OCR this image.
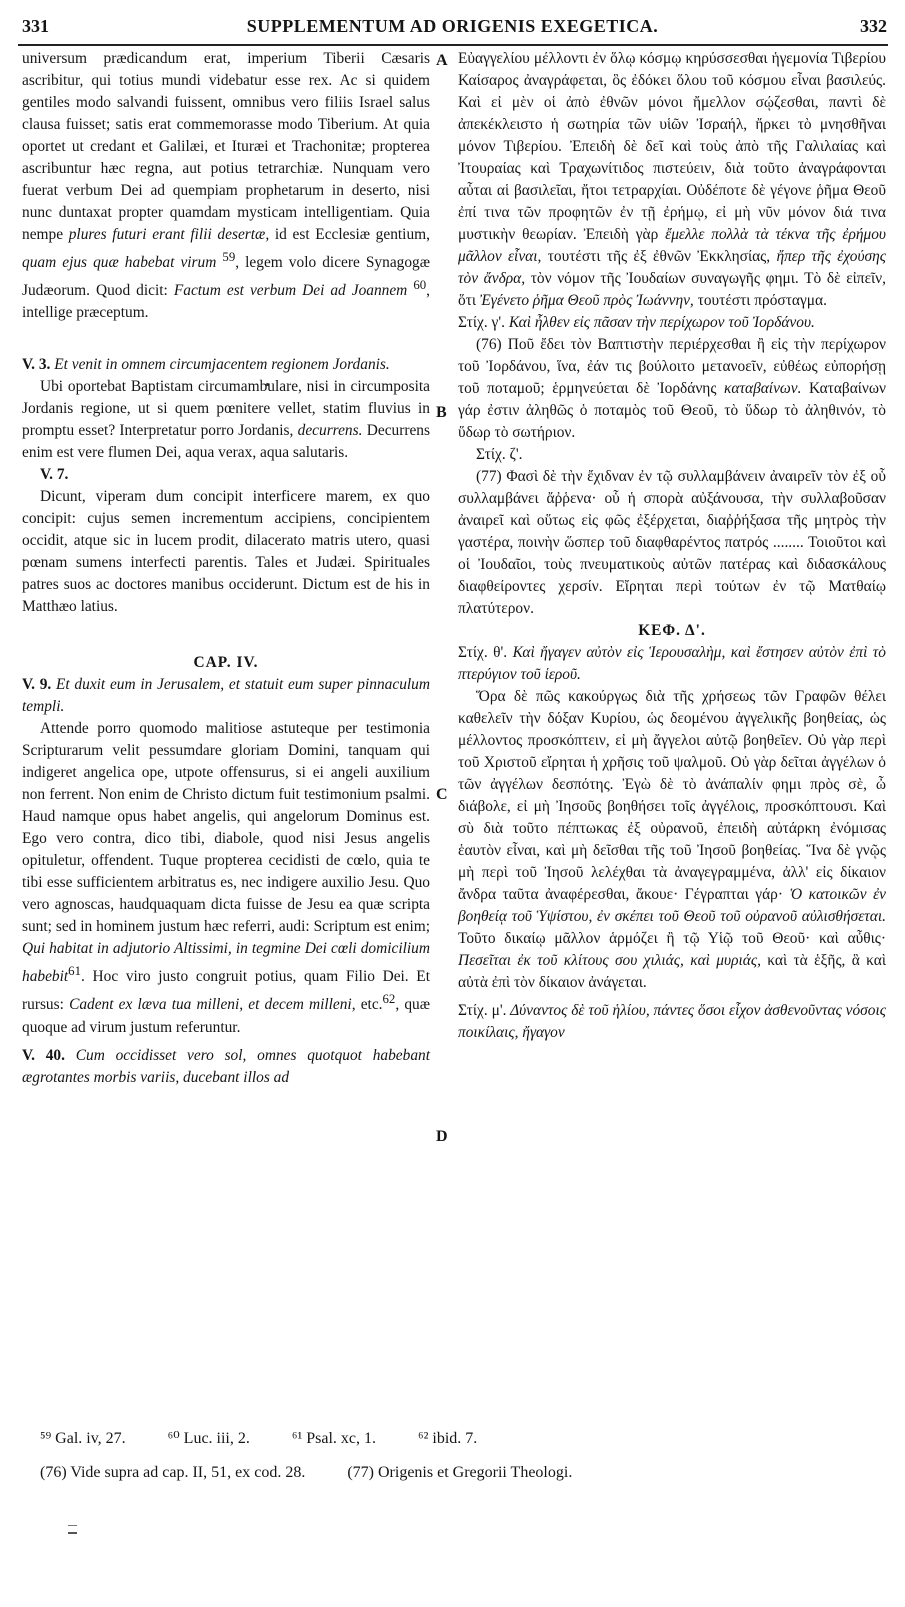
331	SUPPLEMENTUM AD ORIGENIS EXEGETICA.	332
A
B
C
D

universum prædicandum erat, imperium Tiberii Cæsaris ascribitur, qui totius mundi videbatur esse rex. Ac si quidem gentiles modo salvandi fuissent, omnibus vero filiis Israel salus clausa fuisset; satis erat commemorasse modo Tiberium. At quia oportet ut credant et Galilæi, et Ituræi et Trachonitæ; propterea ascribuntur hæc regna, aut potius tetrarchiæ. Nunquam vero fuerat verbum Dei ad quempiam prophetarum in deserto, nisi nunc duntaxat propter quamdam mysticam intelligentiam. Quia nempe plures futuri erant filii desertæ, id est Ecclesiæ gentium, quam ejus quæ habebat virum $^{59}$, legem volo dicere Synagogæ Judæorum. Quod dicit: Factum est verbum Dei ad Joannem $^{60}$, intellige præceptum.

V. 3. Et venit in omnem circumjacentem regionem Jordanis.

Ubi oportebat Baptistam circumambulare, nisi in circumposita Jordanis regione, ut si quem pœnitere vellet, statim fluvius in promptu esset? Interpretatur porro Jordanis, decurrens. Decurrens enim est vere flumen Dei, aqua verax, aqua salutaris.

V. 7.

Dicunt, viperam dum concipit interficere marem, ex quo concipit: cujus semen incrementum accipiens, concipientem occidit, atque sic in lucem prodit, dilacerato matris utero, quasi pœnam sumens interfecti parentis. Tales et Judæi. Spirituales patres suos ac doctores manibus occiderunt. Dictum est de his in Matthæo latius.

CAP. IV.
V. 9. Et duxit eum in Jerusalem, et statuit eum super pinnaculum templi.

Attende porro quomodo malitiose astuteque per testimonia Scripturarum velit pessumdare gloriam Domini, tanquam qui indigeret angelica ope, utpote offensurus, si ei angeli auxilium non ferrent. Non enim de Christo dictum fuit testimonium psalmi. Haud namque opus habet angelis, qui angelorum Dominus est. Ego vero contra, dico tibi, diabole, quod nisi Jesus angelis opituletur, offendent. Tuque propterea cecidisti de cœlo, quia te tibi esse sufficientem arbitratus es, nec indigere auxilio Jesu. Quo vero agnoscas, haudquaquam dicta fuisse de Jesu ea quæ scripta sunt; sed in hominem justum hæc referri, audi: Scriptum est enim; Qui habitat in adjutorio Altissimi, in tegmine Dei cœli domicilium habebit$^{61}$. Hoc viro justo congruit potius, quam Filio Dei. Et rursus: Cadent ex læva tua milleni, et decem milleni, etc.$^{62}$, quæ quoque ad virum justum referuntur.

V. 40. Cum occidisset vero sol, omnes quotquot habebant ægrotantes morbis variis, ducebant illos ad

Εὐαγγελίου μέλλοντι ἐν ὅλῳ κόσμῳ κηρύσσεσθαι ἡγεμονία Τιβερίου Καίσαρος ἀναγράφεται, ὃς ἐδόκει ὅλου τοῦ κόσμου εἶναι βασιλεύς. Καὶ εἰ μὲν οἱ ἀπὸ ἐθνῶν μόνοι ἤμελλον σῴζεσθαι, παντὶ δὲ ἀπεκέκλειστο ἡ σωτηρία τῶν υἱῶν Ἰσραήλ, ἤρκει τὸ μνησθῆναι μόνον Τιβερίου. Ἐπειδὴ δὲ δεῖ καὶ τοὺς ἀπὸ τῆς Γαλιλαίας καὶ Ἰτουραίας καὶ Τραχωνίτιδος πιστεύειν, διὰ τοῦτο ἀναγράφονται αὗται αἱ βασιλεῖαι, ἤτοι τετραρχίαι. Οὐδέποτε δὲ γέγονε ῥῆμα Θεοῦ ἐπί τινα τῶν προφητῶν ἐν τῇ ἐρήμῳ, εἰ μὴ νῦν μόνον διά τινα μυστικὴν θεωρίαν. Ἐπειδὴ γὰρ ἔμελλε πολλὰ τὰ τέκνα τῆς ἐρήμου μᾶλλον εἶναι, τουτέστι τῆς ἐξ ἐθνῶν Ἐκκλησίας, ἤπερ τῆς ἐχούσης τὸν ἄνδρα, τὸν νόμον τῆς Ἰουδαίων συναγωγῆς φημι. Τὸ δὲ εἰπεῖν, ὅτι Ἐγένετο ῥῆμα Θεοῦ πρὸς Ἰωάννην, τουτέστι πρόσταγμα.

Στίχ. γ'. Καὶ ἦλθεν εἰς πᾶσαν τὴν περίχωρον τοῦ Ἰορδάνου.

(76) Ποῦ ἔδει τὸν Βαπτιστὴν περιέρχεσθαι ἢ εἰς τὴν περίχωρον τοῦ Ἰορδάνου, ἵνα, ἐάν τις βούλοιτο μετανοεῖν, εὐθέως εὐπορήσῃ τοῦ ποταμοῦ; ἑρμηνεύεται δὲ Ἰορδάνης καταβαίνων. Καταβαίνων γάρ ἐστιν ἀληθῶς ὁ ποταμὸς τοῦ Θεοῦ, τὸ ὕδωρ τὸ ἀληθινόν, τὸ ὕδωρ τὸ σωτήριον.

Στίχ. ζ'.

(77) Φασὶ δὲ τὴν ἔχιδναν ἐν τῷ συλλαμβάνειν ἀναιρεῖν τὸν ἐξ οὗ συλλαμβάνει ἄῤῥενα· οὗ ἡ σπορὰ αὐξάνουσα, τὴν συλλαβοῦσαν ἀναιρεῖ καὶ οὕτως εἰς φῶς ἐξέρχεται, διαῤῥήξασα τῆς μητρὸς τὴν γαστέρα, ποινὴν ὥσπερ τοῦ διαφθαρέντος πατρός ........ Τοιοῦτοι καὶ οἱ Ἰουδαῖοι, τοὺς πνευματικοὺς αὐτῶν πατέρας καὶ διδασκάλους διαφθείροντες χερσίν. Εἴρηται περὶ τούτων ἐν τῷ Ματθαίῳ πλατύτερον.

ΚΕΦ. Δ'.
Στίχ. θ'. Καὶ ἤγαγεν αὐτὸν εἰς Ἱερουσαλὴμ, καὶ ἔστησεν αὐτὸν ἐπὶ τὸ πτερύγιον τοῦ ἱεροῦ.

Ὅρα δὲ πῶς κακούργως διὰ τῆς χρήσεως τῶν Γραφῶν θέλει καθελεῖν τὴν δόξαν Κυρίου, ὡς δεομένου ἀγγελικῆς βοηθείας, ὡς μέλλοντος προσκόπτειν, εἰ μὴ ἄγγελοι αὐτῷ βοηθεῖεν. Οὐ γὰρ περὶ τοῦ Χριστοῦ εἴρηται ἡ χρῆσις τοῦ ψαλμοῦ. Οὐ γὰρ δεῖται ἀγγέλων ὁ τῶν ἀγγέλων δεσπότης. Ἐγὼ δὲ τὸ ἀνάπαλίν φημι πρὸς σὲ, ὦ διάβολε, εἰ μὴ Ἰησοῦς βοηθήσει τοῖς ἀγγέλοις, προσκόπτουσι. Καὶ σὺ διὰ τοῦτο πέπτωκας ἐξ οὐρανοῦ, ἐπειδὴ αὐτάρκη ἐνόμισας ἑαυτὸν εἶναι, καὶ μὴ δεῖσθαι τῆς τοῦ Ἰησοῦ βοηθείας. Ἵνα δὲ γνῷς μὴ περὶ τοῦ Ἰησοῦ λελέχθαι τὰ ἀναγεγραμμένα, ἀλλ' εἰς δίκαιον ἄνδρα ταῦτα ἀναφέρεσθαι, ἄκουε· Γέγραπται γάρ· Ὁ κατοικῶν ἐν βοηθείᾳ τοῦ Ὑψίστου, ἐν σκέπει τοῦ Θεοῦ τοῦ οὐρανοῦ αὐλισθήσεται. Τοῦτο δικαίῳ μᾶλλον ἁρμόζει ἢ τῷ Υἱῷ τοῦ Θεοῦ· καὶ αὖθις· Πεσεῖται ἐκ τοῦ κλίτους σου χιλιάς, καὶ μυριάς, καὶ τὰ ἑξῆς, ἃ καὶ αὐτὰ ἐπὶ τὸν δίκαιον ἀνάγεται.

Στίχ. μ'. Δύναντος δὲ τοῦ ἡλίου, πάντες ὅσοι εἶχον ἀσθενοῦντας νόσοις ποικίλαις, ἤγαγον
⁵⁹ Gal. iv, 27.	⁶⁰ Luc. iii, 2.	⁶¹ Psal. xc, 1.	⁶² ibid. 7.
(76) Vide supra ad cap. II, 51, ex cod. 28.	(77) Origenis et Gregorii Theologi.
